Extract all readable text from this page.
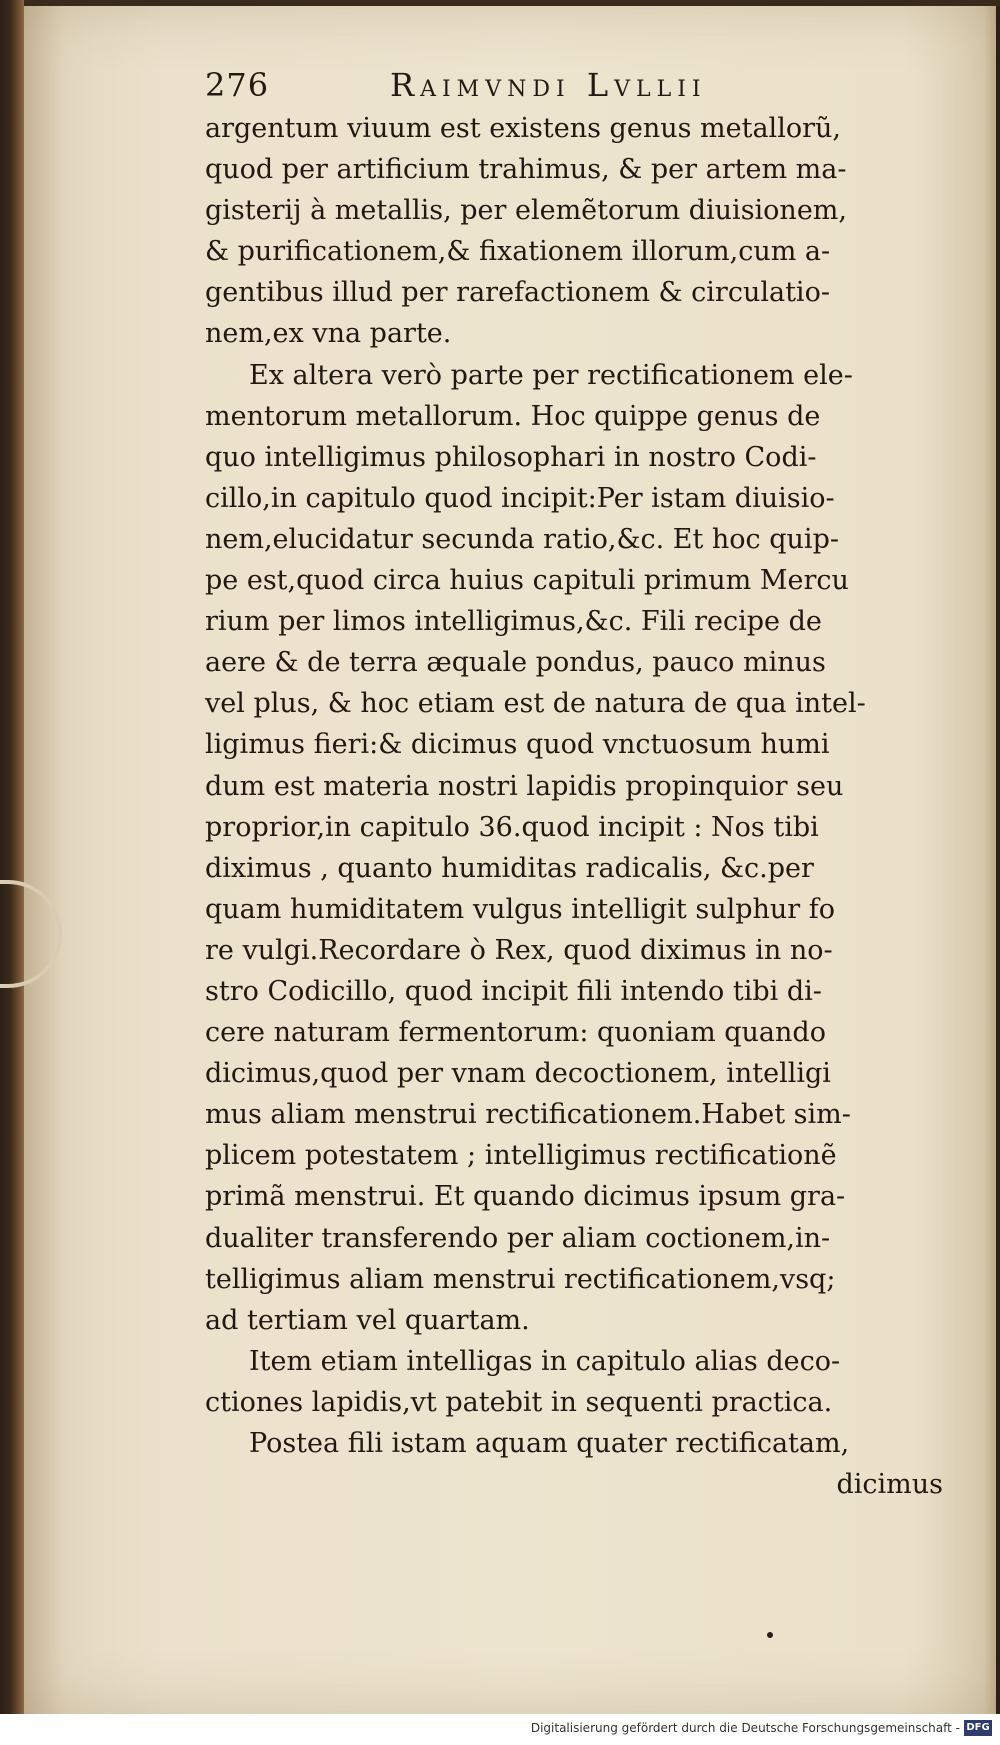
276	Raimvndi Lvllii
argentum viuum est existens genus metallorũ,
quod per artificium trahimus, & per artem ma-
gisterij à metallis, per elemẽtorum diuisionem,
& purificationem,& fixationem illorum,cum a-
gentibus illud per rarefactionem & circulatio-
nem,ex vna parte.
Ex altera verò parte per rectificationem ele-
mentorum metallorum. Hoc quippe genus de
quo intelligimus philosophari in nostro Codi-
cillo,in capitulo quod incipit:Per istam diuisio-
nem,elucidatur secunda ratio,&c. Et hoc quip-
pe est,quod circa huius capituli primum Mercu
rium per limos intelligimus,&c. Fili recipe de
aere & de terra æquale pondus, pauco minus
vel plus, & hoc etiam est de natura de qua intel-
ligimus fieri:& dicimus quod vnctuosum humi
dum est materia nostri lapidis propinquior seu
proprior,in capitulo 36.quod incipit : Nos tibi
diximus , quanto humiditas radicalis, &c.per
quam humiditatem vulgus intelligit sulphur fo
re vulgi.Recordare ò Rex, quod diximus in no-
stro Codicillo, quod incipit fili intendo tibi di-
cere naturam fermentorum: quoniam quando
dicimus,quod per vnam decoctionem, intelligi
mus aliam menstrui rectificationem.Habet sim-
plicem potestatem ; intelligimus rectificationẽ
primã menstrui. Et quando dicimus ipsum gra-
dualiter transferendo per aliam coctionem,in-
telligimus aliam menstrui rectificationem,vsq;
ad tertiam vel quartam.
Item etiam intelligas in capitulo alias deco-
ctiones lapidis,vt patebit in sequenti practica.
Postea fili istam aquam quater rectificatam,
dicimus
Digitalisierung gefördert durch die Deutsche Forschungsgemeinschaft - DFG
